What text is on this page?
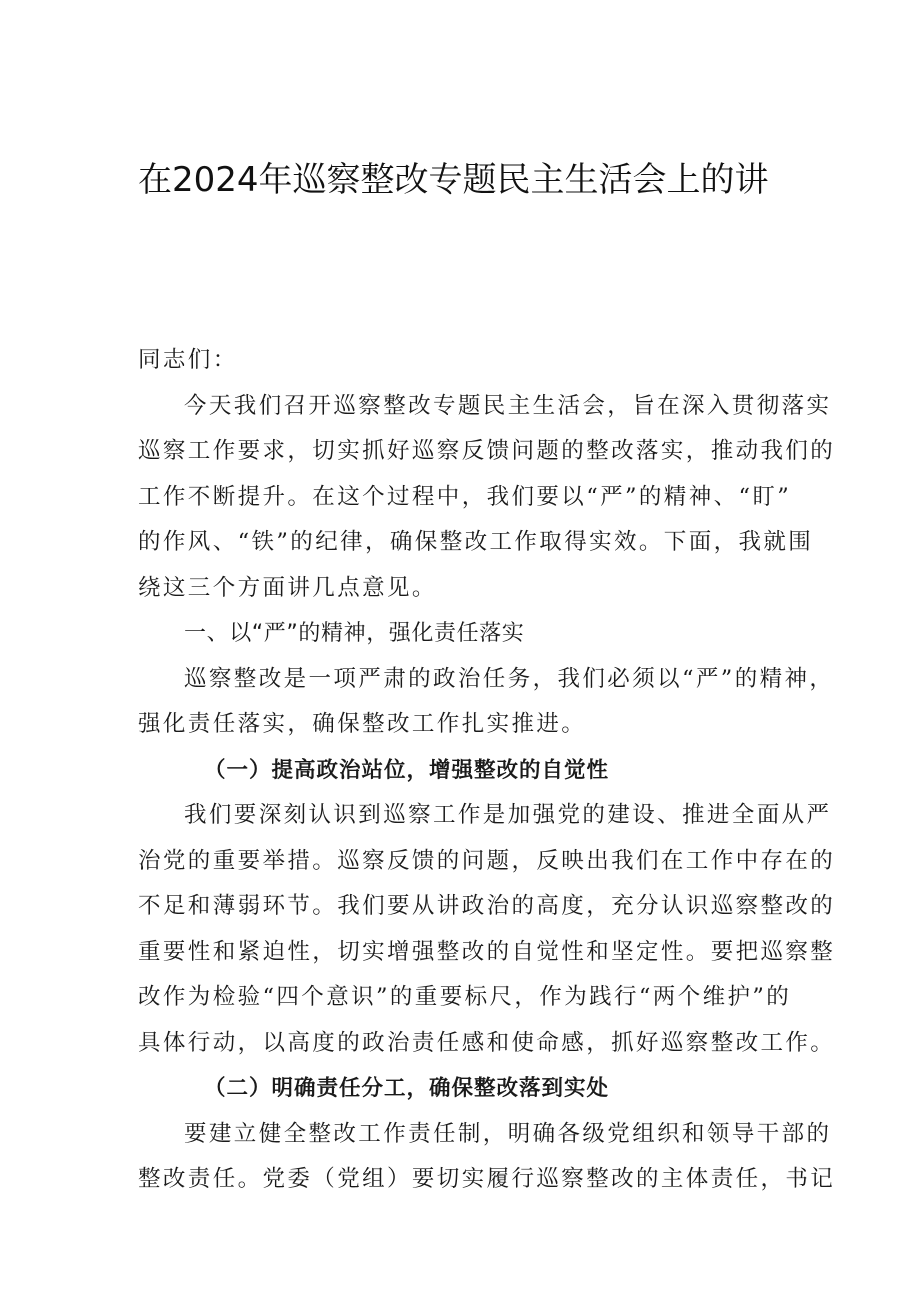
在2024年巡察整改专题民主生活会上的讲
同志们：
今天我们召开巡察整改专题民主生活会，旨在深入贯彻落实
巡察工作要求，切实抓好巡察反馈问题的整改落实，推动我们的
工作不断提升。在这个过程中，我们要以“严”的精神、“盯”
的作风、“铁”的纪律，确保整改工作取得实效。下面，我就围
绕这三个方面讲几点意见。
一、以“严”的精神，强化责任落实
巡察整改是一项严肃的政治任务，我们必须以“严”的精神，
强化责任落实，确保整改工作扎实推进。
（一）提高政治站位，增强整改的自觉性
我们要深刻认识到巡察工作是加强党的建设、推进全面从严
治党的重要举措。巡察反馈的问题，反映出我们在工作中存在的
不足和薄弱环节。我们要从讲政治的高度，充分认识巡察整改的
重要性和紧迫性，切实增强整改的自觉性和坚定性。要把巡察整
改作为检验“四个意识”的重要标尺，作为践行“两个维护”的
具体行动，以高度的政治责任感和使命感，抓好巡察整改工作。
（二）明确责任分工，确保整改落到实处
要建立健全整改工作责任制，明确各级党组织和领导干部的
整改责任。党委（党组）要切实履行巡察整改的主体责任，书记
